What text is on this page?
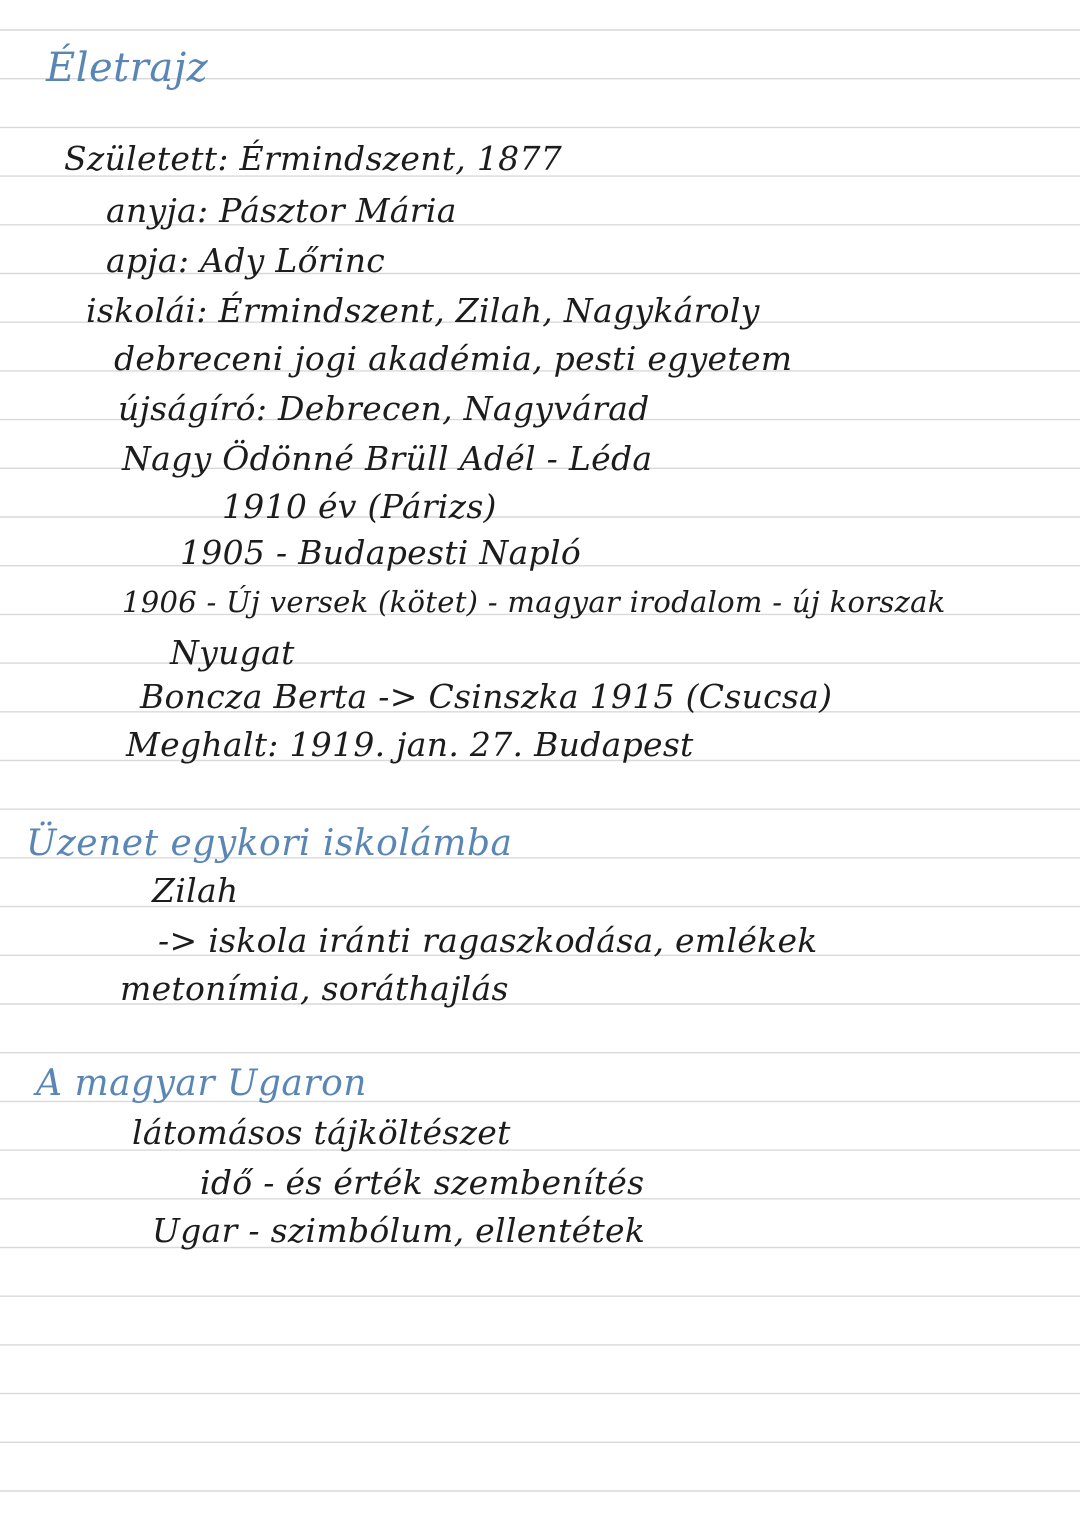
Életrajz
Született: Érmindszent, 1877
anyja: Pásztor Mária
apja: Ady Lőrinc
iskolái: Érmindszent, Zilah, Nagykároly
debreceni jogi akadémia, pesti egyetem
újságíró: Debrecen, Nagyvárad
Nagy Ödönné Brüll Adél - Léda
1910 év (Párizs)
1905 - Budapesti Napló
1906 - Új versek (kötet) - magyar irodalom - új korszak
Nyugat
Boncza Berta -> Csinszka 1915 (Csucsa)
Meghalt: 1919. jan. 27. Budapest
Üzenet egykori iskolámba
Zilah
-> iskola iránti ragaszkodása, emlékek
metonímia, soráthajlás
A magyar Ugaron
látomásos tájköltészet
idő - és érték szembenítés
Ugar - szimbólum, ellentétek
